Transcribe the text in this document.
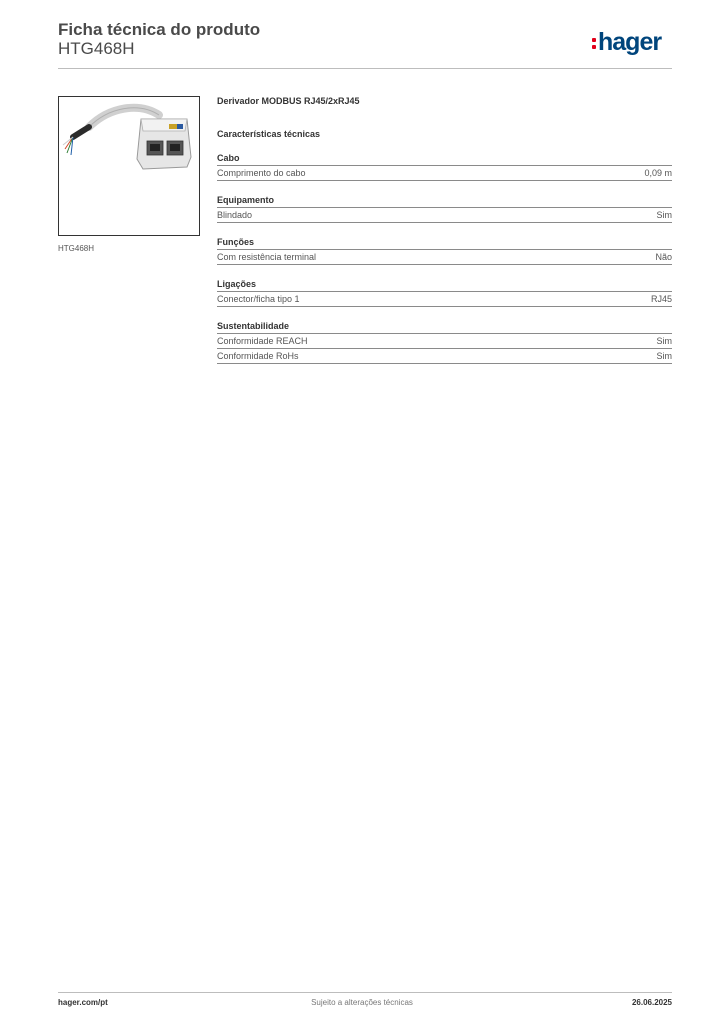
Ficha técnica do produto
HTG468H	hager
HTG468H
Derivador MODBUS RJ45/2xRJ45
Características técnicas
Cabo
Comprimento do cabo	0,09 m
Equipamento
Blindado	Sim
Funções
Com resistência terminal	Não
Ligações
Conector/ficha tipo 1	RJ45
Sustentabilidade
Conformidade REACH	Sim
Conformidade RoHs	Sim
hager.com/pt	Sujeito a alterações técnicas	26.06.2025
